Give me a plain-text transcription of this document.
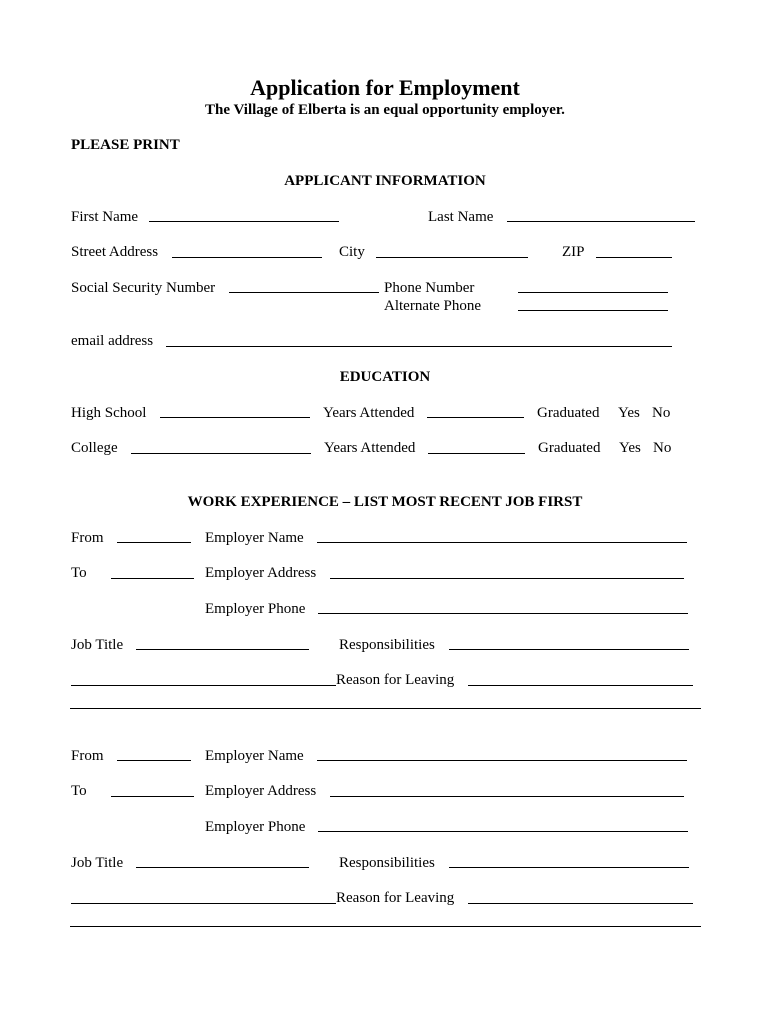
Application for Employment
The Village of Elberta is an equal opportunity employer.
PLEASE PRINT
APPLICANT INFORMATION
First Name	Last Name
Street Address	City	ZIP
Social Security Number	Phone Number
Alternate Phone
email address
EDUCATION
High School	Years Attended	Graduated Yes No
College	Years Attended	Graduated Yes No
WORK EXPERIENCE – LIST MOST RECENT JOB FIRST
From	Employer Name
To	Employer Address
Employer Phone
Job Title	Responsibilities
Reason for Leaving
From	Employer Name
To	Employer Address
Employer Phone
Job Title	Responsibilities
Reason for Leaving
